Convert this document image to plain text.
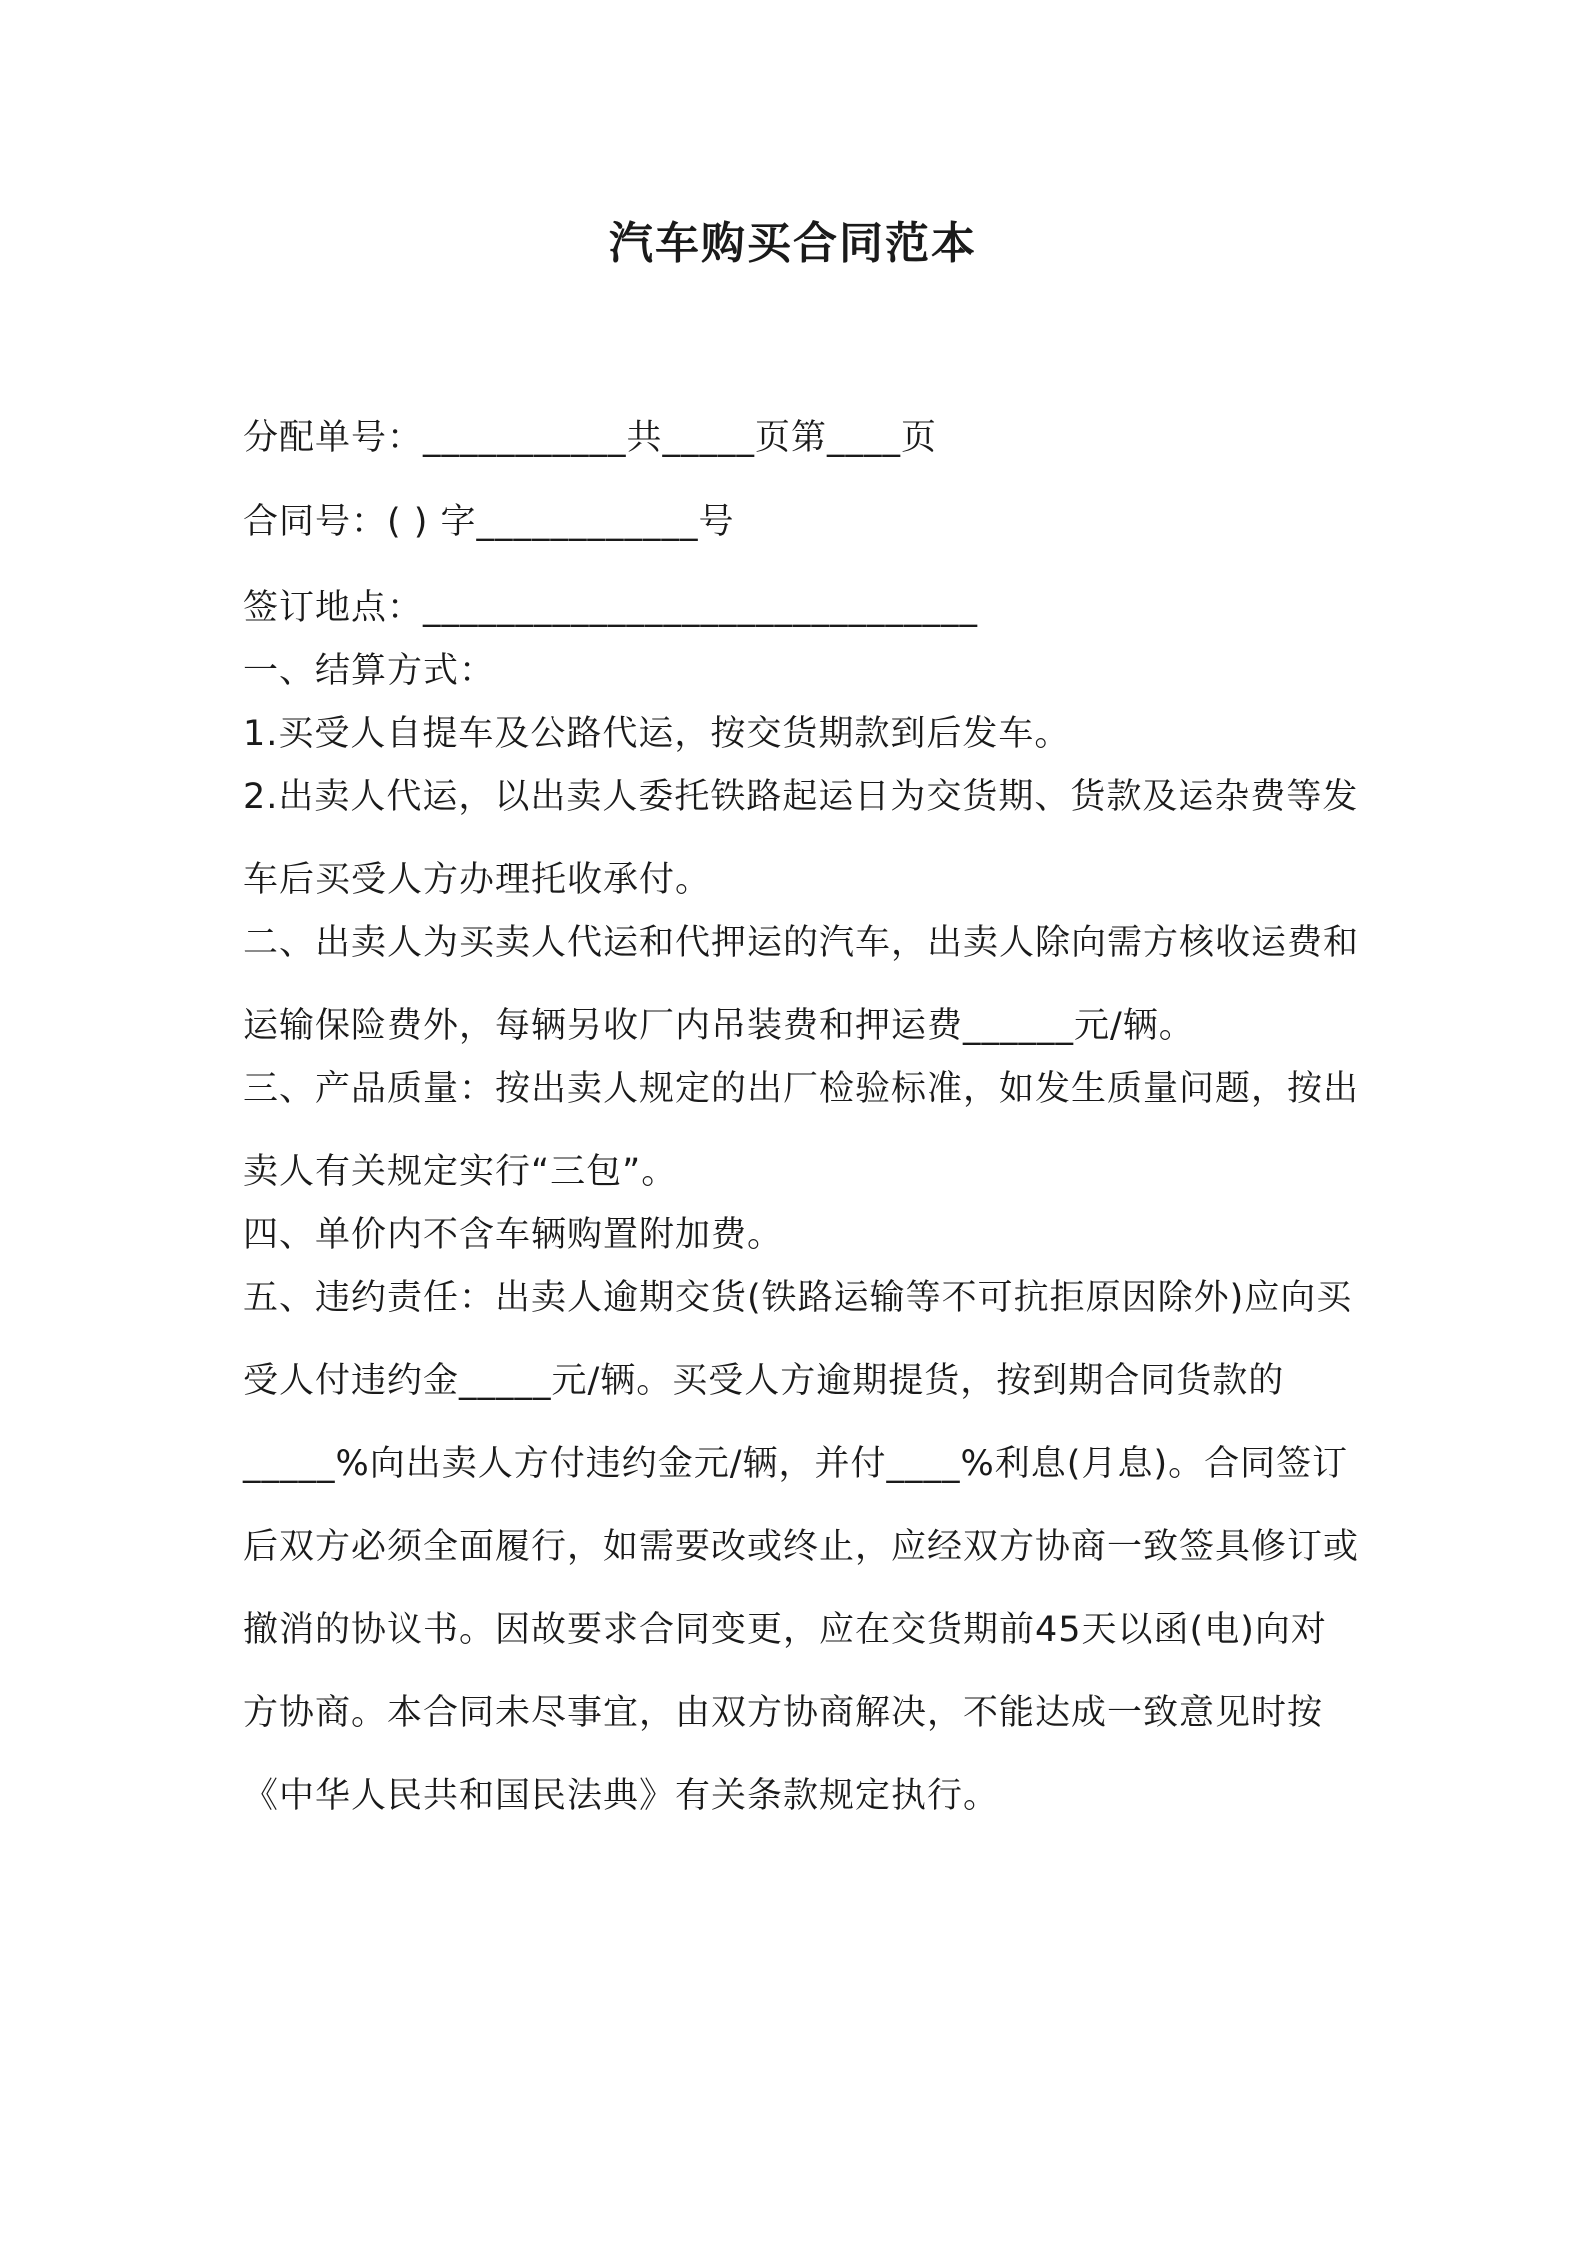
汽车购买合同范本
分配单号：___________共_____页第____页
合同号：( ) 字____________号
签订地点：______________________________
一、结算方式：
1.买受人自提车及公路代运，按交货期款到后发车。
2.出卖人代运，以出卖人委托铁路起运日为交货期、货款及运杂费等发车后买受人方办理托收承付。
二、出卖人为买卖人代运和代押运的汽车，出卖人除向需方核收运费和运输保险费外，每辆另收厂内吊装费和押运费______元/辆。
三、产品质量：按出卖人规定的出厂检验标准，如发生质量问题，按出卖人有关规定实行“三包”。
四、单价内不含车辆购置附加费。
五、违约责任：出卖人逾期交货(铁路运输等不可抗拒原因除外)应向买受人付违约金_____元/辆。买受人方逾期提货，按到期合同货款的_____%向出卖人方付违约金元/辆，并付____%利息(月息)。合同签订后双方必须全面履行，如需要改或终止，应经双方协商一致签具修订或撤消的协议书。因故要求合同变更，应在交货期前45天以函(电)向对方协商。本合同未尽事宜，由双方协商解决，不能达成一致意见时按《中华人民共和国民法典》有关条款规定执行。
